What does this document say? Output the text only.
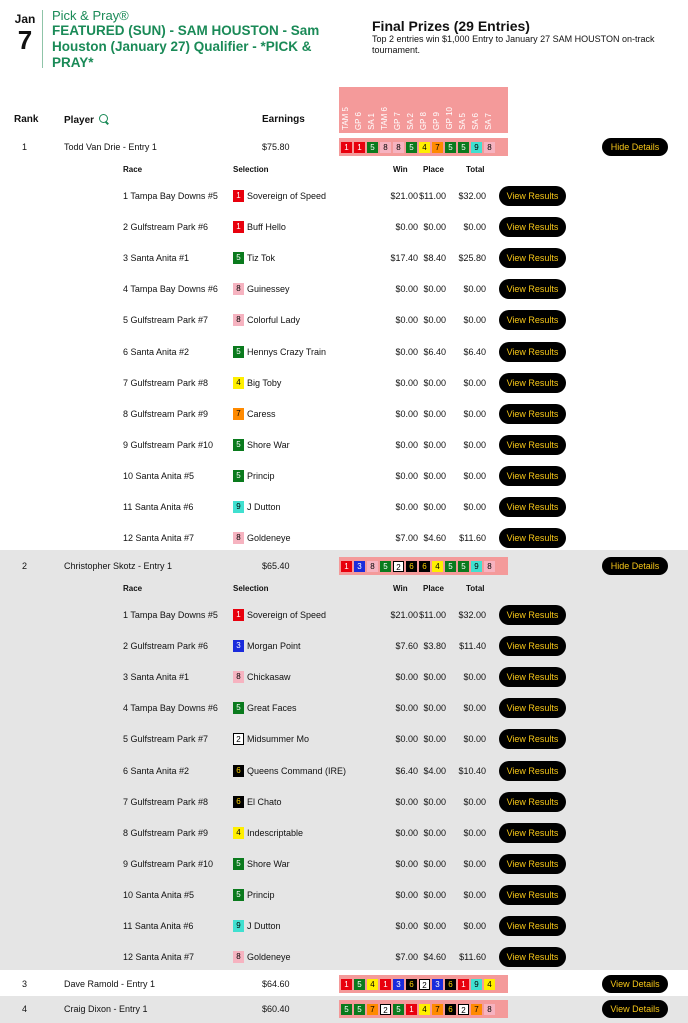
Jan
7
Pick & Pray®
FEATURED (SUN) - SAM HOUSTON - Sam Houston (January 27) Qualifier - *PICK & PRAY*
Final Prizes (29 Entries)
Top 2 entries win $1,000 Entry to January 27 SAM HOUSTON on-track tournament.
Rank	Player	Earnings	TAM 5 GP 6 SA 1 TAM 6 GP 7 SA 2 GP 8 GP 9 GP 10 SA 5 SA 6 SA 7
1	Todd Van Drie - Entry 1	$75.80	1	1	5	8	8	5	4	7	5	5	9	8	Hide Details
Race	Selection	Win Place	Total
1 Tampa Bay Downs #5	1 Sovereign of Speed	$21.00 $11.00	$32.00	View Results
2 Gulfstream Park #6	1 Buff Hello	$0.00 $0.00	$0.00	View Results
3 Santa Anita #1	5 Tiz Tok	$17.40 $8.40	$25.80	View Results
4 Tampa Bay Downs #6	8 Guinessey	$0.00 $0.00	$0.00	View Results
5 Gulfstream Park #7	8 Colorful Lady	$0.00 $0.00	$0.00	View Results
6 Santa Anita #2	5 Hennys Crazy Train	$0.00 $6.40	$6.40	View Results
7 Gulfstream Park #8	4 Big Toby	$0.00 $0.00	$0.00	View Results
8 Gulfstream Park #9	7 Caress	$0.00 $0.00	$0.00	View Results
9 Gulfstream Park #10	5 Shore War	$0.00 $0.00	$0.00	View Results
10 Santa Anita #5	5 Princip	$0.00 $0.00	$0.00	View Results
11 Santa Anita #6	9 J Dutton	$0.00 $0.00	$0.00	View Results
12 Santa Anita #7	8 Goldeneye	$7.00 $4.60	$11.60	View Results
2	Christopher Skotz - Entry 1	$65.40	1	3	8	5	2	6	6	4	5	5	9	8	Hide Details
Race	Selection	Win Place	Total
1 Tampa Bay Downs #5	1 Sovereign of Speed	$21.00 $11.00	$32.00	View Results
2 Gulfstream Park #6	3 Morgan Point	$7.60 $3.80	$11.40	View Results
3 Santa Anita #1	8 Chickasaw	$0.00 $0.00	$0.00	View Results
4 Tampa Bay Downs #6	5 Great Faces	$0.00 $0.00	$0.00	View Results
5 Gulfstream Park #7	2 Midsummer Mo	$0.00 $0.00	$0.00	View Results
6 Santa Anita #2	6 Queens Command (IRE)	$6.40 $4.00	$10.40	View Results
7 Gulfstream Park #8	6 El Chato	$0.00 $0.00	$0.00	View Results
8 Gulfstream Park #9	4 Indescriptable	$0.00 $0.00	$0.00	View Results
9 Gulfstream Park #10	5 Shore War	$0.00 $0.00	$0.00	View Results
10 Santa Anita #5	5 Princip	$0.00 $0.00	$0.00	View Results
11 Santa Anita #6	9 J Dutton	$0.00 $0.00	$0.00	View Results
12 Santa Anita #7	8 Goldeneye	$7.00 $4.60	$11.60	View Results
3	Dave Ramold - Entry 1	$64.60	1	5	4	1	3	6	2	3	6	1	9	4	View Details
4	Craig Dixon - Entry 1	$60.40	5	5	7	2	5	1	4	7	6	2	7	8	View Details
